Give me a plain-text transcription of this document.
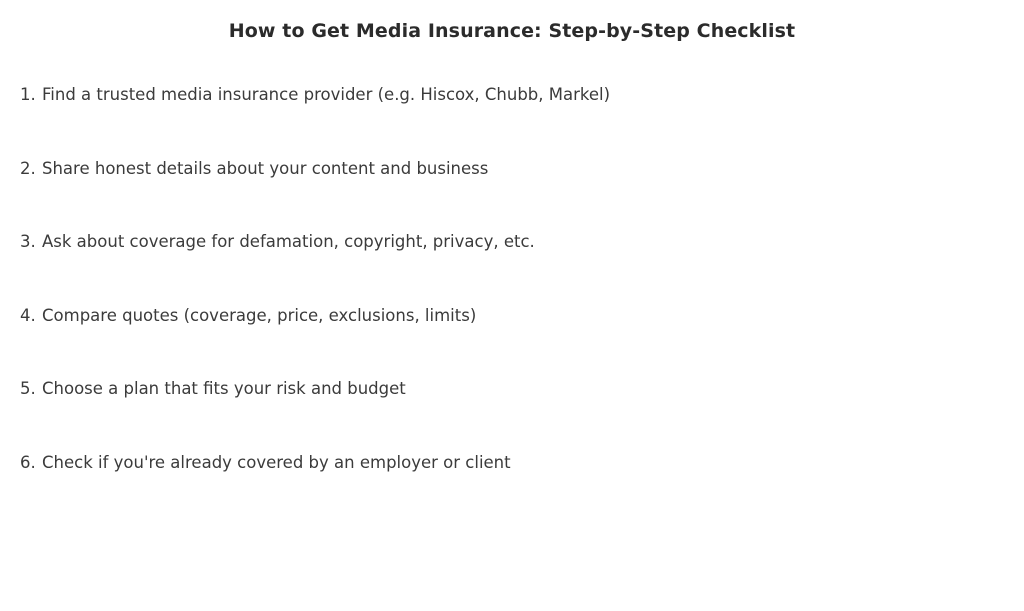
How to Get Media Insurance: Step-by-Step Checklist
1. Find a trusted media insurance provider (e.g. Hiscox, Chubb, Markel)
2. Share honest details about your content and business
3. Ask about coverage for defamation, copyright, privacy, etc.
4. Compare quotes (coverage, price, exclusions, limits)
5. Choose a plan that fits your risk and budget
6. Check if you're already covered by an employer or client
